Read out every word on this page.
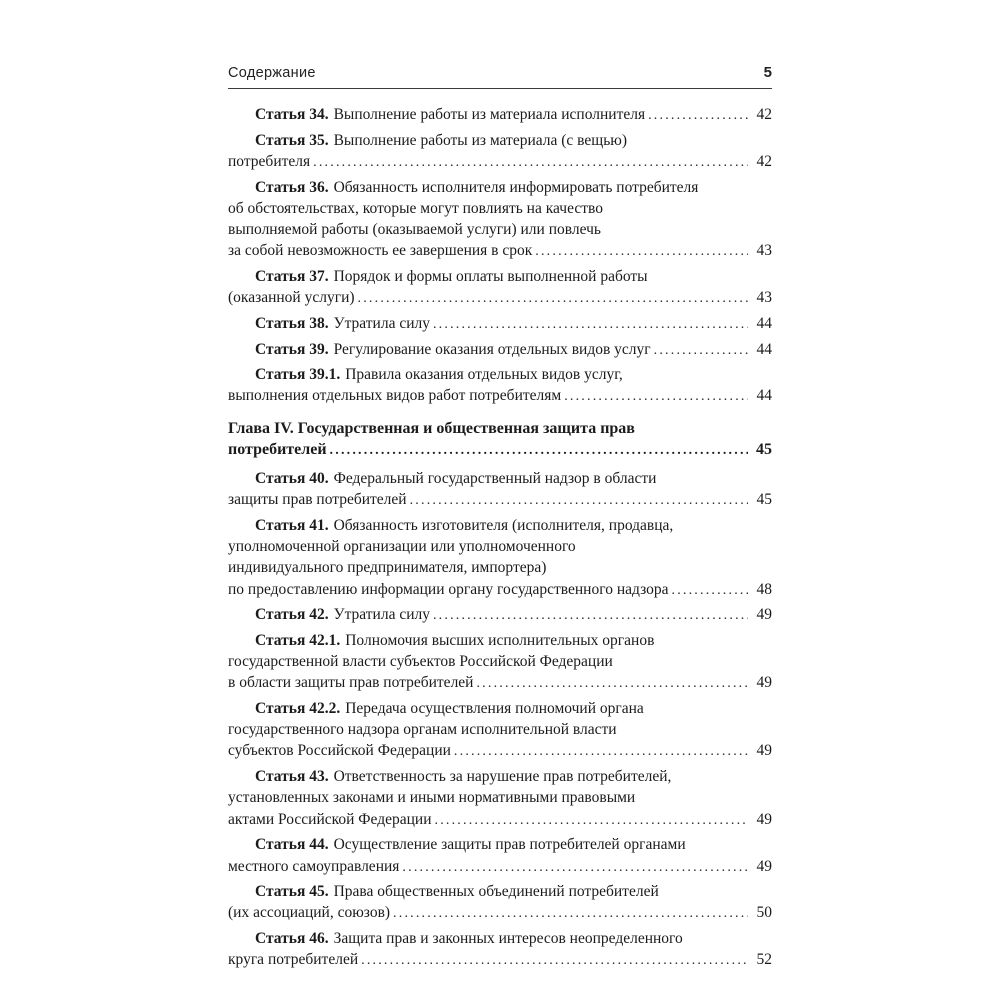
Содержание	5
Статья 34. Выполнение работы из материала исполнителя .....	42
Статья 35. Выполнение работы из материала (с вещью)
потребителя .....	42
Статья 36. Обязанность исполнителя информировать потребителя
об обстоятельствах, которые могут повлиять на качество
выполняемой работы (оказываемой услуги) или повлечь
за собой невозможность ее завершения в срок .....	43
Статья 37. Порядок и формы оплаты выполненной работы
(оказанной услуги) .....	43
Статья 38. Утратила силу .....	44
Статья 39. Регулирование оказания отдельных видов услуг .....	44
Статья 39.1. Правила оказания отдельных видов услуг,
выполнения отдельных видов работ потребителям .....	44
Глава IV. Государственная и общественная защита прав
потребителей .....	45
Статья 40. Федеральный государственный надзор в области
защиты прав потребителей .....	45
Статья 41. Обязанность изготовителя (исполнителя, продавца,
уполномоченной организации или уполномоченного
индивидуального предпринимателя, импортера)
по предоставлению информации органу государственного надзора .....	48
Статья 42. Утратила силу .....	49
Статья 42.1. Полномочия высших исполнительных органов
государственной власти субъектов Российской Федерации
в области защиты прав потребителей .....	49
Статья 42.2. Передача осуществления полномочий органа
государственного надзора органам исполнительной власти
субъектов Российской Федерации .....	49
Статья 43. Ответственность за нарушение прав потребителей,
установленных законами и иными нормативными правовыми
актами Российской Федерации .....	49
Статья 44. Осуществление защиты прав потребителей органами
местного самоуправления .....	49
Статья 45. Права общественных объединений потребителей
(их ассоциаций, союзов) .....	50
Статья 46. Защита прав и законных интересов неопределенного
круга потребителей .....	52
